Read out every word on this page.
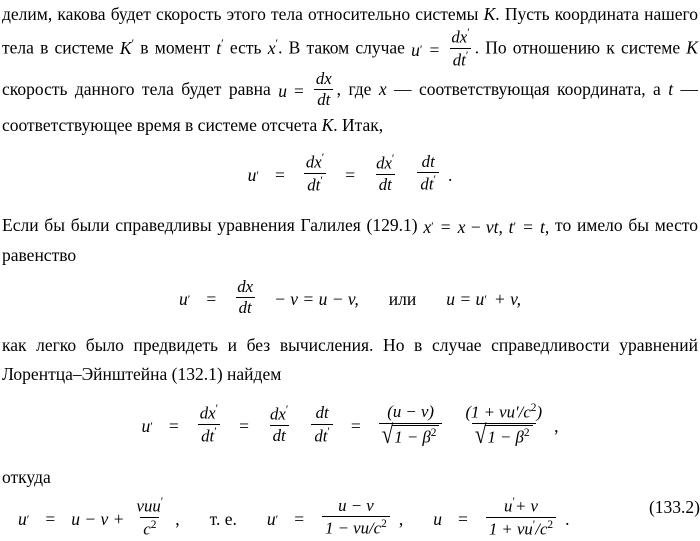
делим, какова будет скорость этого тела относительно системы K. Пусть координата нашего тела в системе K′ в момент t′ есть x′. В таком случае u ′ = $\frac{dx'}{dt'}$ . По отношению к системе K скорость данного тела будет равна $u = \frac{dx}{dt}$ , где x — соответствующая координата, а t — соответствующее время в системе отсчета K. Итак,
u ′ = $\frac{dx'}{dt'} = \frac{dx'}{dt} \frac{dt}{dt'}$ .
Если бы были справедливы уравнения Галилея (129.1) x ′ = x − vt,
t ′ = t, то имело бы место равенство
u ′ = $\frac{dx}{dt} - v = u - v$, или u = u ′ + v,
как легко было предвидеть и без вычисления. Но в случае справедливости уравнений Лорентца–Эйнштейна (132.1) найдем
u ′ = $\frac{dx'}{dt'} = \frac{dx'}{dt} \frac{dt}{dt'} = \frac{(u - v)}{√ 1 - \beta^2} \frac{(1 + vu'/c^2)}{√ 1 - \beta^2}$ ,
откуда
(133.2)
u ′ = $u - v + \frac{vuu'}{c^2}$ , т. е. u ′ = $\frac{u - v}{1 - vu/c^2}$ , $u = \frac{u'+ v}{1 + vu'/c^2}$ .
